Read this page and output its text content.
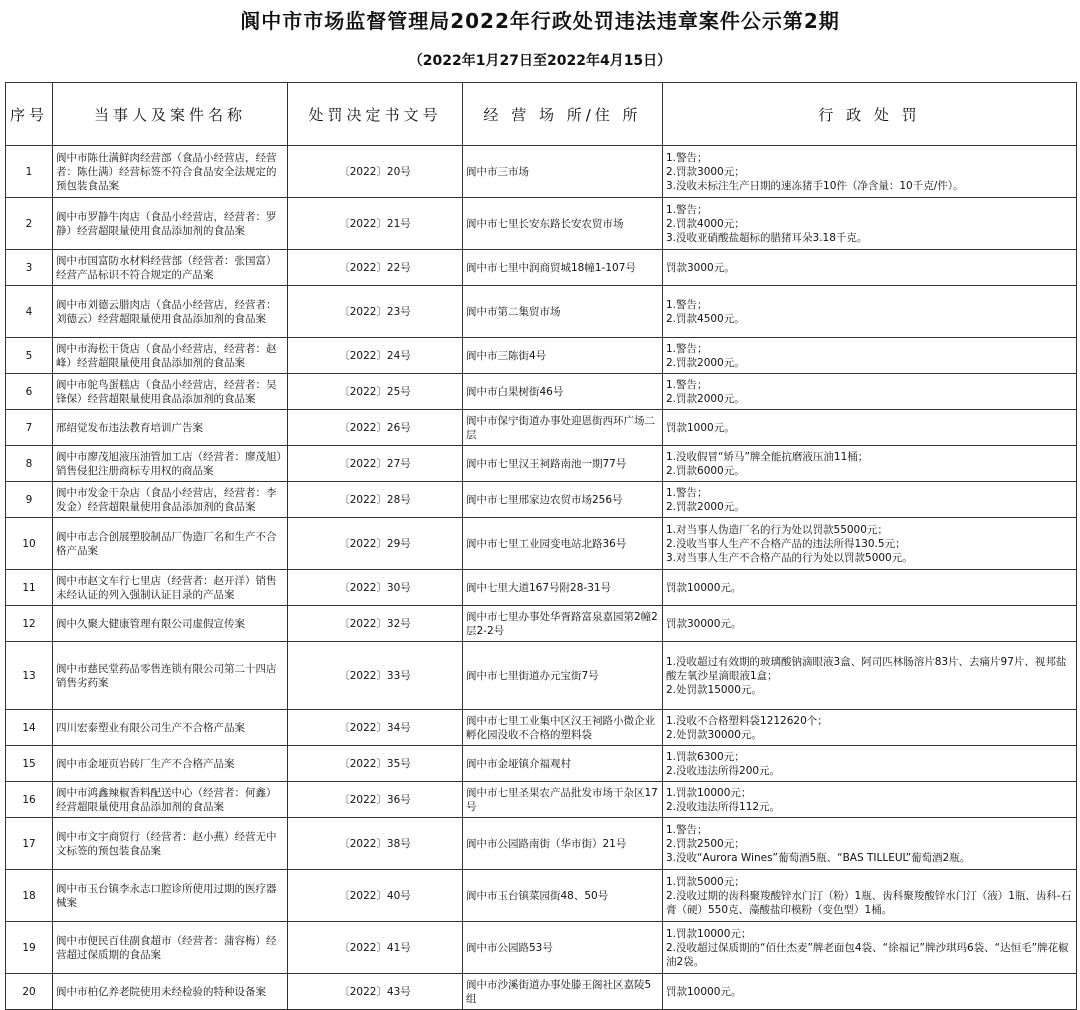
阆中市市场监督管理局2022年行政处罚违法违章案件公示第2期
（2022年1月27日至2022年4月15日）
序号	当事人及案件名称	处罚决定书文号	经 营 场 所/住 所	行 政 处 罚
1	阆中市陈仕满鲜肉经营部（食品小经营店，经营者：陈仕满）经营标签不符合食品安全法规定的预包装食品案	〔2022〕20号	阆中市三市场	1.警告；
2.罚款3000元；
3.没收未标注生产日期的速冻猪手10件（净含量：10千克/件）。

2	阆中市罗静牛肉店（食品小经营店，经营者：罗静）经营超限量使用食品添加剂的食品案	〔2022〕21号	阆中市七里长安东路长安农贸市场	1.警告；
2.罚款4000元；
3.没收亚硝酸盐超标的腊猪耳朵3.18千克。

3	阆中市国富防水材料经营部（经营者：张国富）经营产品标识不符合规定的产品案	〔2022〕22号	阆中市七里中润商贸城18幢1-107号	罚款3000元。

4	阆中市刘德云腊肉店（食品小经营店，经营者：刘德云）经营超限量使用食品添加剂的食品案	〔2022〕23号	阆中市第二集贸市场	1.警告；
2.罚款4500元。

5	阆中市海松干货店（食品小经营店，经营者：赵峰）经营超限量使用食品添加剂的食品案	〔2022〕24号	阆中市三陈街4号	1.警告；
2.罚款2000元。

6	阆中市鸵鸟蛋糕店（食品小经营店，经营者：吴锋保）经营超限量使用食品添加剂的食品案	〔2022〕25号	阆中市白果树街46号	1.警告；
2.罚款2000元。

7	邢绍觉发布违法教育培训广告案	〔2022〕26号	阆中市保宁街道办事处迎恩街西环广场二层	罚款1000元。

8	阆中市廖茂旭液压油管加工店（经营者：廖茂旭）销售侵犯注册商标专用权的商品案	〔2022〕27号	阆中市七里汉王祠路南池一期77号	1.没收假冒“矫马”牌全能抗磨液压油11桶；
2.罚款6000元。

9	阆中市发金干杂店（食品小经营店，经营者：李发金）经营超限量使用食品添加剂的食品案	〔2022〕28号	阆中市七里邢家边农贸市场256号	1.警告；
2.罚款2000元。

10	阆中市志合创展塑胶制品厂伪造厂名和生产不合格产品案	〔2022〕29号	阆中市七里工业园变电站北路36号	1.对当事人伪造厂名的行为处以罚款55000元；
2.没收当事人生产不合格产品的违法所得130.5元；
3.对当事人生产不合格产品的行为处以罚款5000元。

11	阆中市赵文车行七里店（经营者：赵开洋）销售未经认证的列入强制认证目录的产品案	〔2022〕30号	阆中七里大道167号附28-31号	罚款10000元。

12	阆中久聚大健康管理有限公司虚假宣传案	〔2022〕32号	阆中市七里办事处华胥路富泉嘉园第2幢2层2-2号	罚款30000元。

13	阆中市慈民堂药品零售连锁有限公司第二十四店销售劣药案	〔2022〕33号	阆中市七里街道办元宝街7号	1.没收超过有效期的玻璃酸钠滴眼液3盒、阿司匹林肠溶片83片、去痛片97片、视邦盐酸左氧沙星滴眼液1盒；
2.处罚款15000元。

14	四川宏泰塑业有限公司生产不合格产品案	〔2022〕34号	阆中市七里工业集中区汉王祠路小微企业孵化园没收不合格的塑料袋	1.没收不合格塑料袋1212620个；
2.处罚款30000元。

15	阆中市金垭页岩砖厂生产不合格产品案	〔2022〕35号	阆中市金垭镇介福观村	1.罚款6300元；
2.没收违法所得200元。

16	阆中市鸿鑫辣椒香料配送中心（经营者：何鑫）经营超限量使用食品添加剂的食品案	〔2022〕36号	阆中市七里圣果农产品批发市场干杂区17号	1.罚款10000元；
2.没收违法所得112元。

17	阆中市文宇商贸行（经营者：赵小燕）经营无中文标签的预包装食品案	〔2022〕38号	阆中市公园路南街（华市街）21号	1.警告；
2.罚款2500元；
3.没收“Aurora Wines”葡萄酒5瓶、“BAS TILLEUL”葡萄酒2瓶。

18	阆中市玉台镇李永志口腔诊所使用过期的医疗器械案	〔2022〕40号	阆中市玉台镇菜园街48、50号	1.罚款5000元；
2.没收过期的齿科聚羧酸锌水门汀（粉）1瓶、齿科聚羧酸锌水门汀（液）1瓶、齿科-石膏（硬）550克、藻酸盐印模粉（变色型）1桶。

19	阆中市便民百佳副食超市（经营者：蒲容梅）经营超过保质期的食品案	〔2022〕41号	阆中市公园路53号	1.罚款10000元；
2.没收超过保质期的“佰仕杰麦”牌老面包4袋、“徐福记”牌沙琪玛6袋、“达恒毛”牌花椒油2袋。

20	阆中市柏亿养老院使用未经检验的特种设备案	〔2022〕43号	阆中市沙溪街道办事处滕王阁社区嘉陵5组	罚款10000元。
